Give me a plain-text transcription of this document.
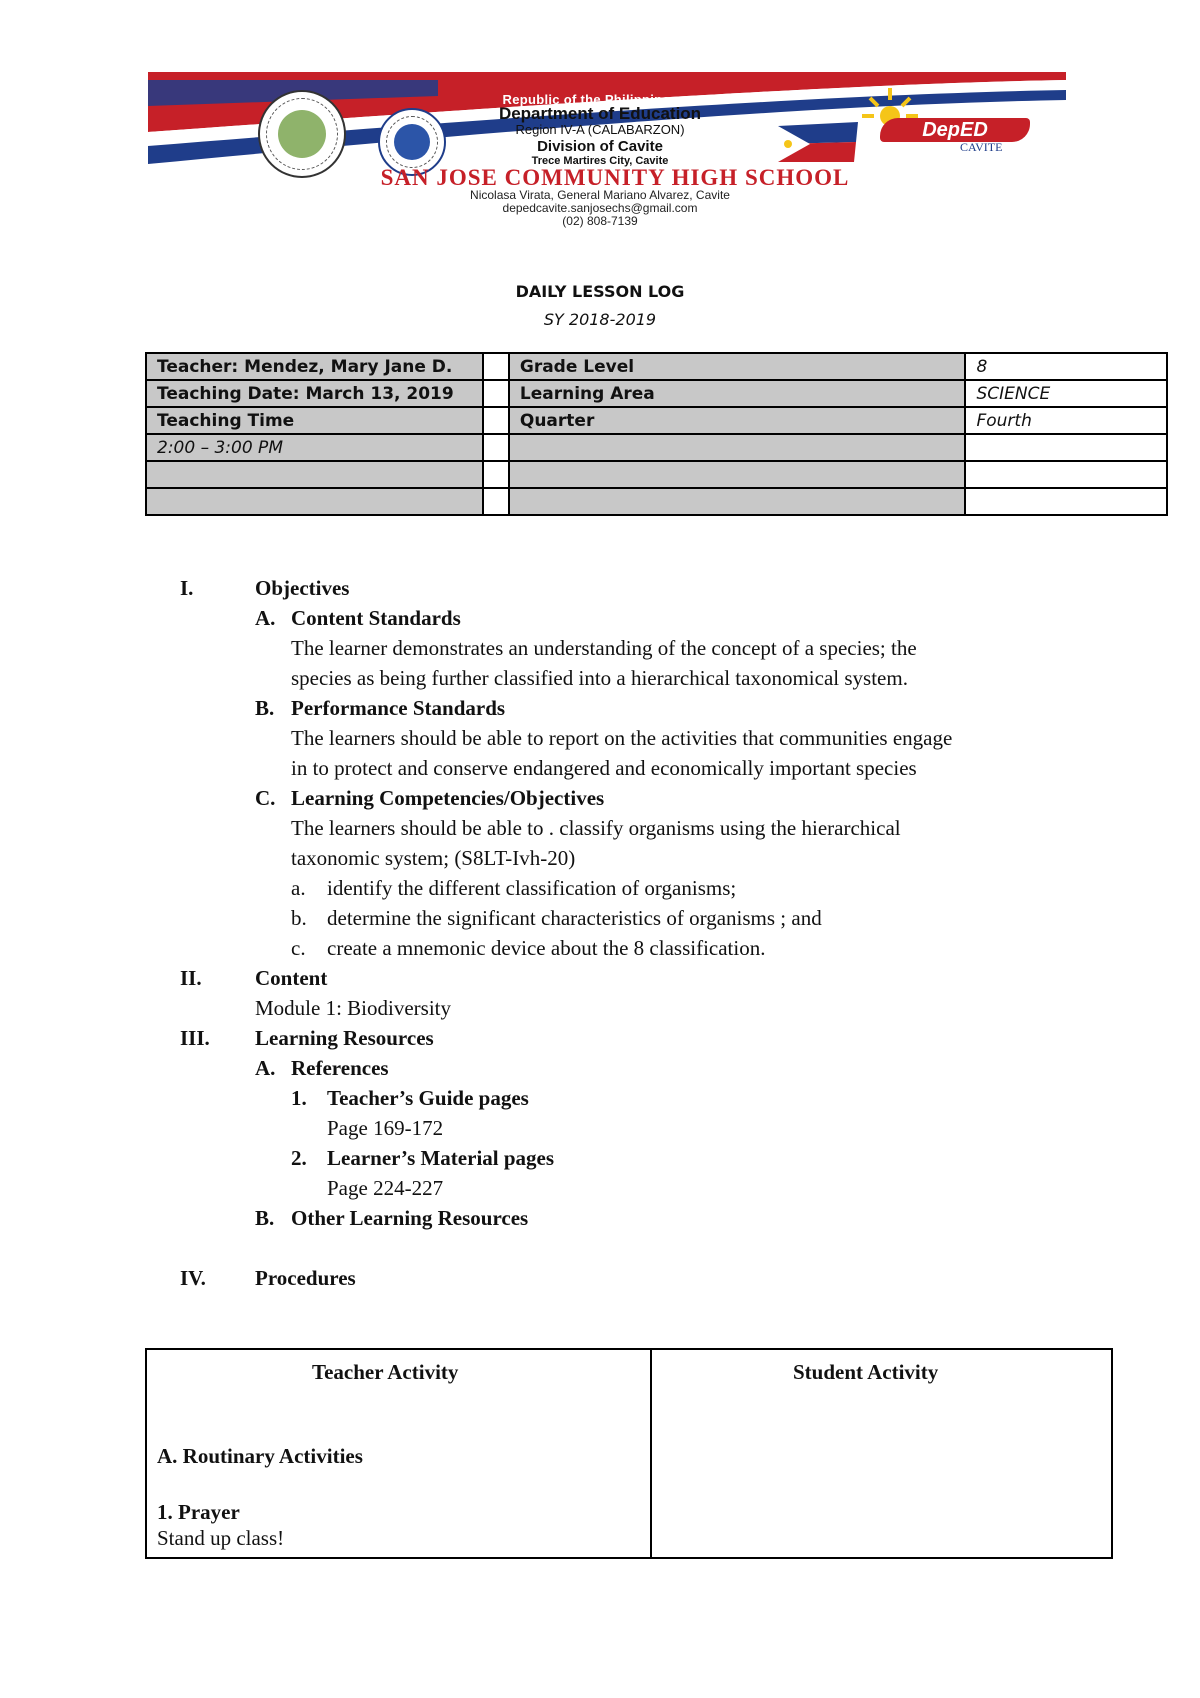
Republic of the Philippines
Department of Education
Region IV-A (CALABARZON)
Division of Cavite
Trece Martires City, Cavite
SAN JOSE COMMUNITY HIGH SCHOOL
Nicolasa Virata, General Mariano Alvarez, Cavite
depedcavite.sanjosechs@gmail.com
(02) 808-7139
DepED
CAVITE
DAILY LESSON LOG
SY 2018-2019
Teacher: Mendez, Mary Jane D.		Grade Level	8
Teaching Date: March 13, 2019		Learning Area	SCIENCE
Teaching Time		Quarter	Fourth
2:00 – 3:00 PM			

I.	Objectives
A. Content Standards
The learner demonstrates an understanding of the concept of a species; the
species as being further classified into a hierarchical taxonomical system.
B. Performance Standards
The learners should be able to report on the activities that communities engage
in to protect and conserve endangered and economically important species
C. Learning Competencies/Objectives
The learners should be able to . classify organisms using the hierarchical
taxonomic system; (S8LT-Ivh-20)
a. identify the different classification of organisms;
b. determine the significant characteristics of organisms ; and
c. create a mnemonic device about the 8 classification.
II.	Content
Module 1: Biodiversity
III. Learning Resources
A. References
1. Teacher’s Guide pages
Page 169-172
2. Learner’s Material pages
Page 224-227
B. Other Learning Resources
IV. Procedures
Teacher Activity	Student Activity
A. Routinary Activities
1. Prayer
Stand up class!
